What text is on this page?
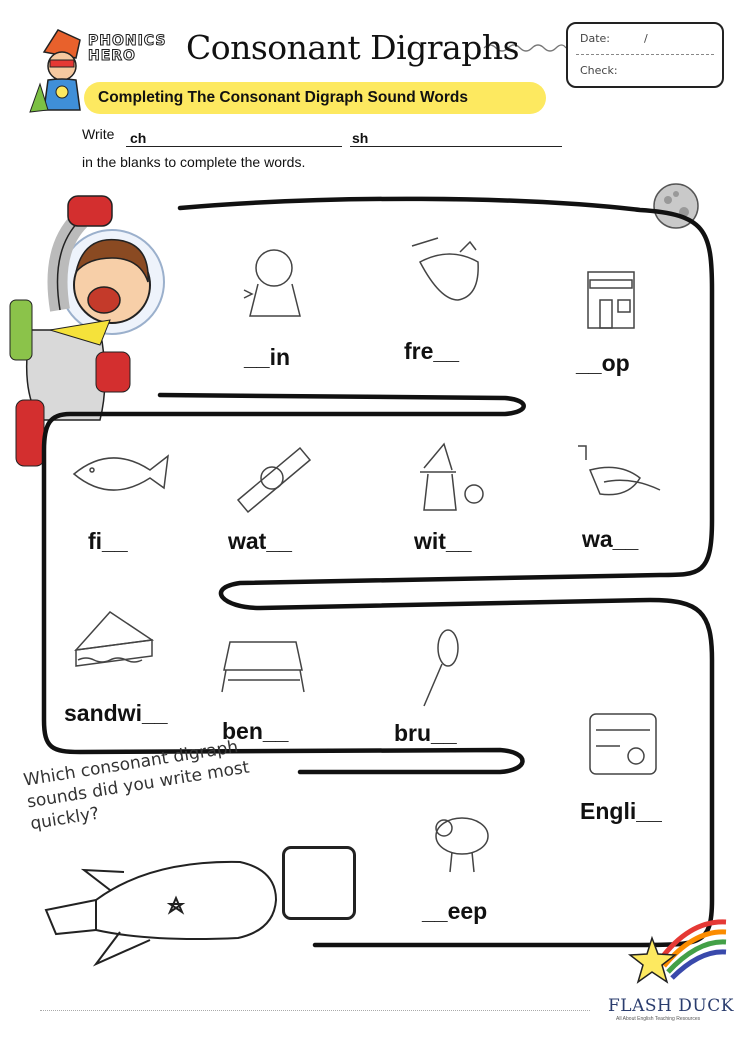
PHONICS HERO	Consonant Digraphs	Date:	/
Check:
Completing The Consonant Digraph Sound Words
Write ch	sh
in the blanks to complete the words.
__in	fre__	__op
fi__	wat__	wit__	wa__
sandwi__
ben__	bru__
Engli__
__eep
Which consonant digraph sounds did you write most quickly?
FLASH DUCK
All About English Teaching Resources
